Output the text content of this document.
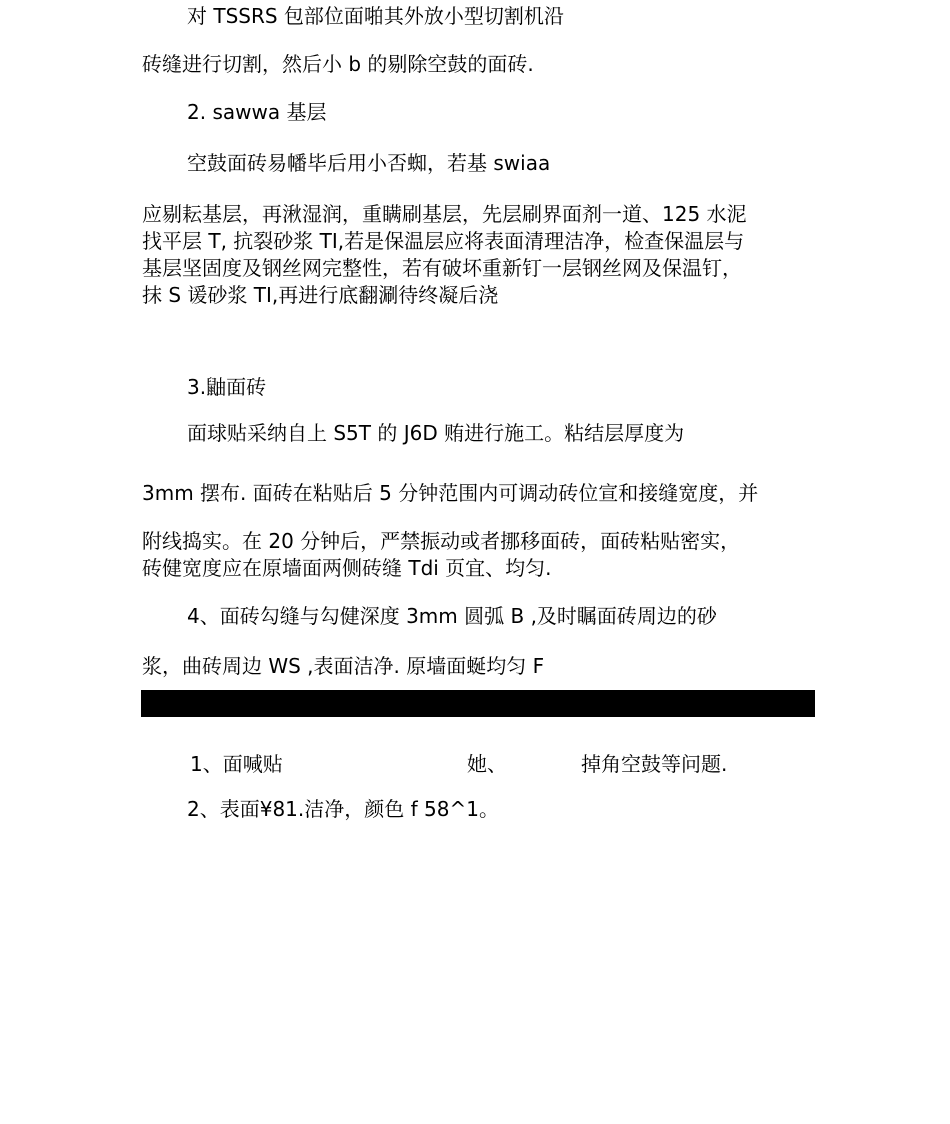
对 TSSRS 包部位面啪其外放小型切割机沿
砖缝进行切割，然后小 b 的剔除空鼓的面砖.
2. sawwa 基层
空鼓面砖易幡毕后用小否蜘，若基 swiaa
应剔耘基层，再湫湿润，重瞒刷基层，先层刷界面剂一道、125 水泥
找平层 T, 抗裂砂浆 TI,若是保温层应将表面清理洁净，检查保温层与
基层坚固度及钢丝网完整性，若有破坏重新钉一层钢丝网及保温钉，
抹 S 谖砂浆 TI,再进行底翻涮待终凝后浇
3.鼬面砖
面球贴采纳自上 S5T 的 J6D 贿进行施工。粘结层厚度为
3mm 摆布. 面砖在粘贴后 5 分钟范围内可调动砖位宣和接缝宽度，并
附线捣实。在 20 分钟后，严禁振动或者挪移面砖，面砖粘贴密实，
砖健宽度应在原墙面两侧砖缝 Tdi 页宜、均匀.
4、面砖勾缝与勾健深度 3mm 圆弧 B ,及时瞩面砖周边的砂
浆，曲砖周边 WS ,表面洁净. 原墙面蜒均匀 F
1、面喊贴	她、	掉角空鼓等问题.
2、表面¥81.洁净，颜色 f 58^1。
